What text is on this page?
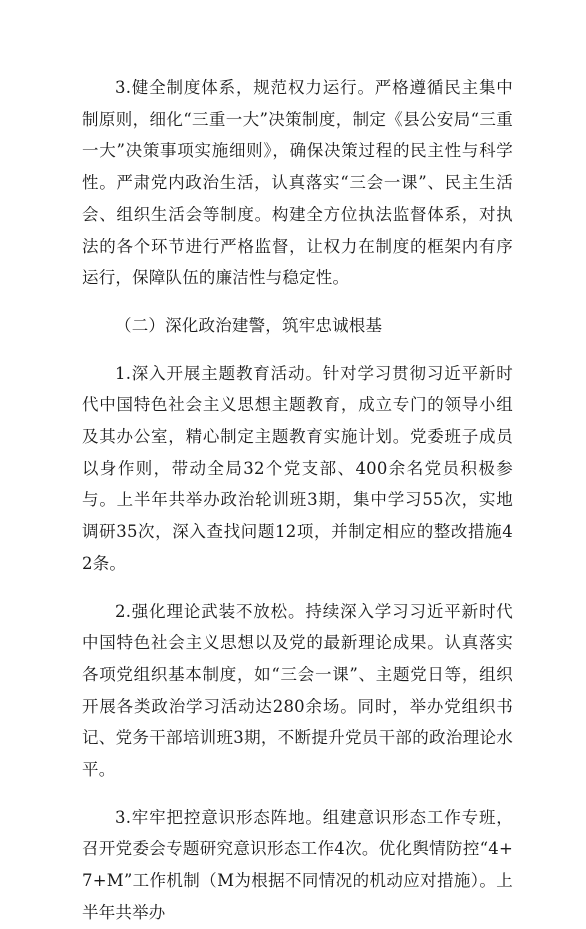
3.健全制度体系，规范权力运行。严格遵循民主集中制原则，细化“三重一大”决策制度，制定《县公安局“三重一大”决策事项实施细则》，确保决策过程的民主性与科学性。严肃党内政治生活，认真落实“三会一课”、民主生活会、组织生活会等制度。构建全方位执法监督体系，对执法的各个环节进行严格监督，让权力在制度的框架内有序运行，保障队伍的廉洁性与稳定性。

（二）深化政治建警，筑牢忠诚根基

1.深入开展主题教育活动。针对学习贯彻习近平新时代中国特色社会主义思想主题教育，成立专门的领导小组及其办公室，精心制定主题教育实施计划。党委班子成员以身作则，带动全局32个党支部、400余名党员积极参与。上半年共举办政治轮训班3期，集中学习55次，实地调研35次，深入查找问题12项，并制定相应的整改措施42条。

2.强化理论武装不放松。持续深入学习习近平新时代中国特色社会主义思想以及党的最新理论成果。认真落实各项党组织基本制度，如“三会一课”、主题党日等，组织开展各类政治学习活动达280余场。同时，举办党组织书记、党务干部培训班3期，不断提升党员干部的政治理论水平。

3.牢牢把控意识形态阵地。组建意识形态工作专班，召开党委会专题研究意识形态工作4次。优化舆情防控“4+7+M”工作机制（M为根据不同情况的机动应对措施）。上半年共举办
